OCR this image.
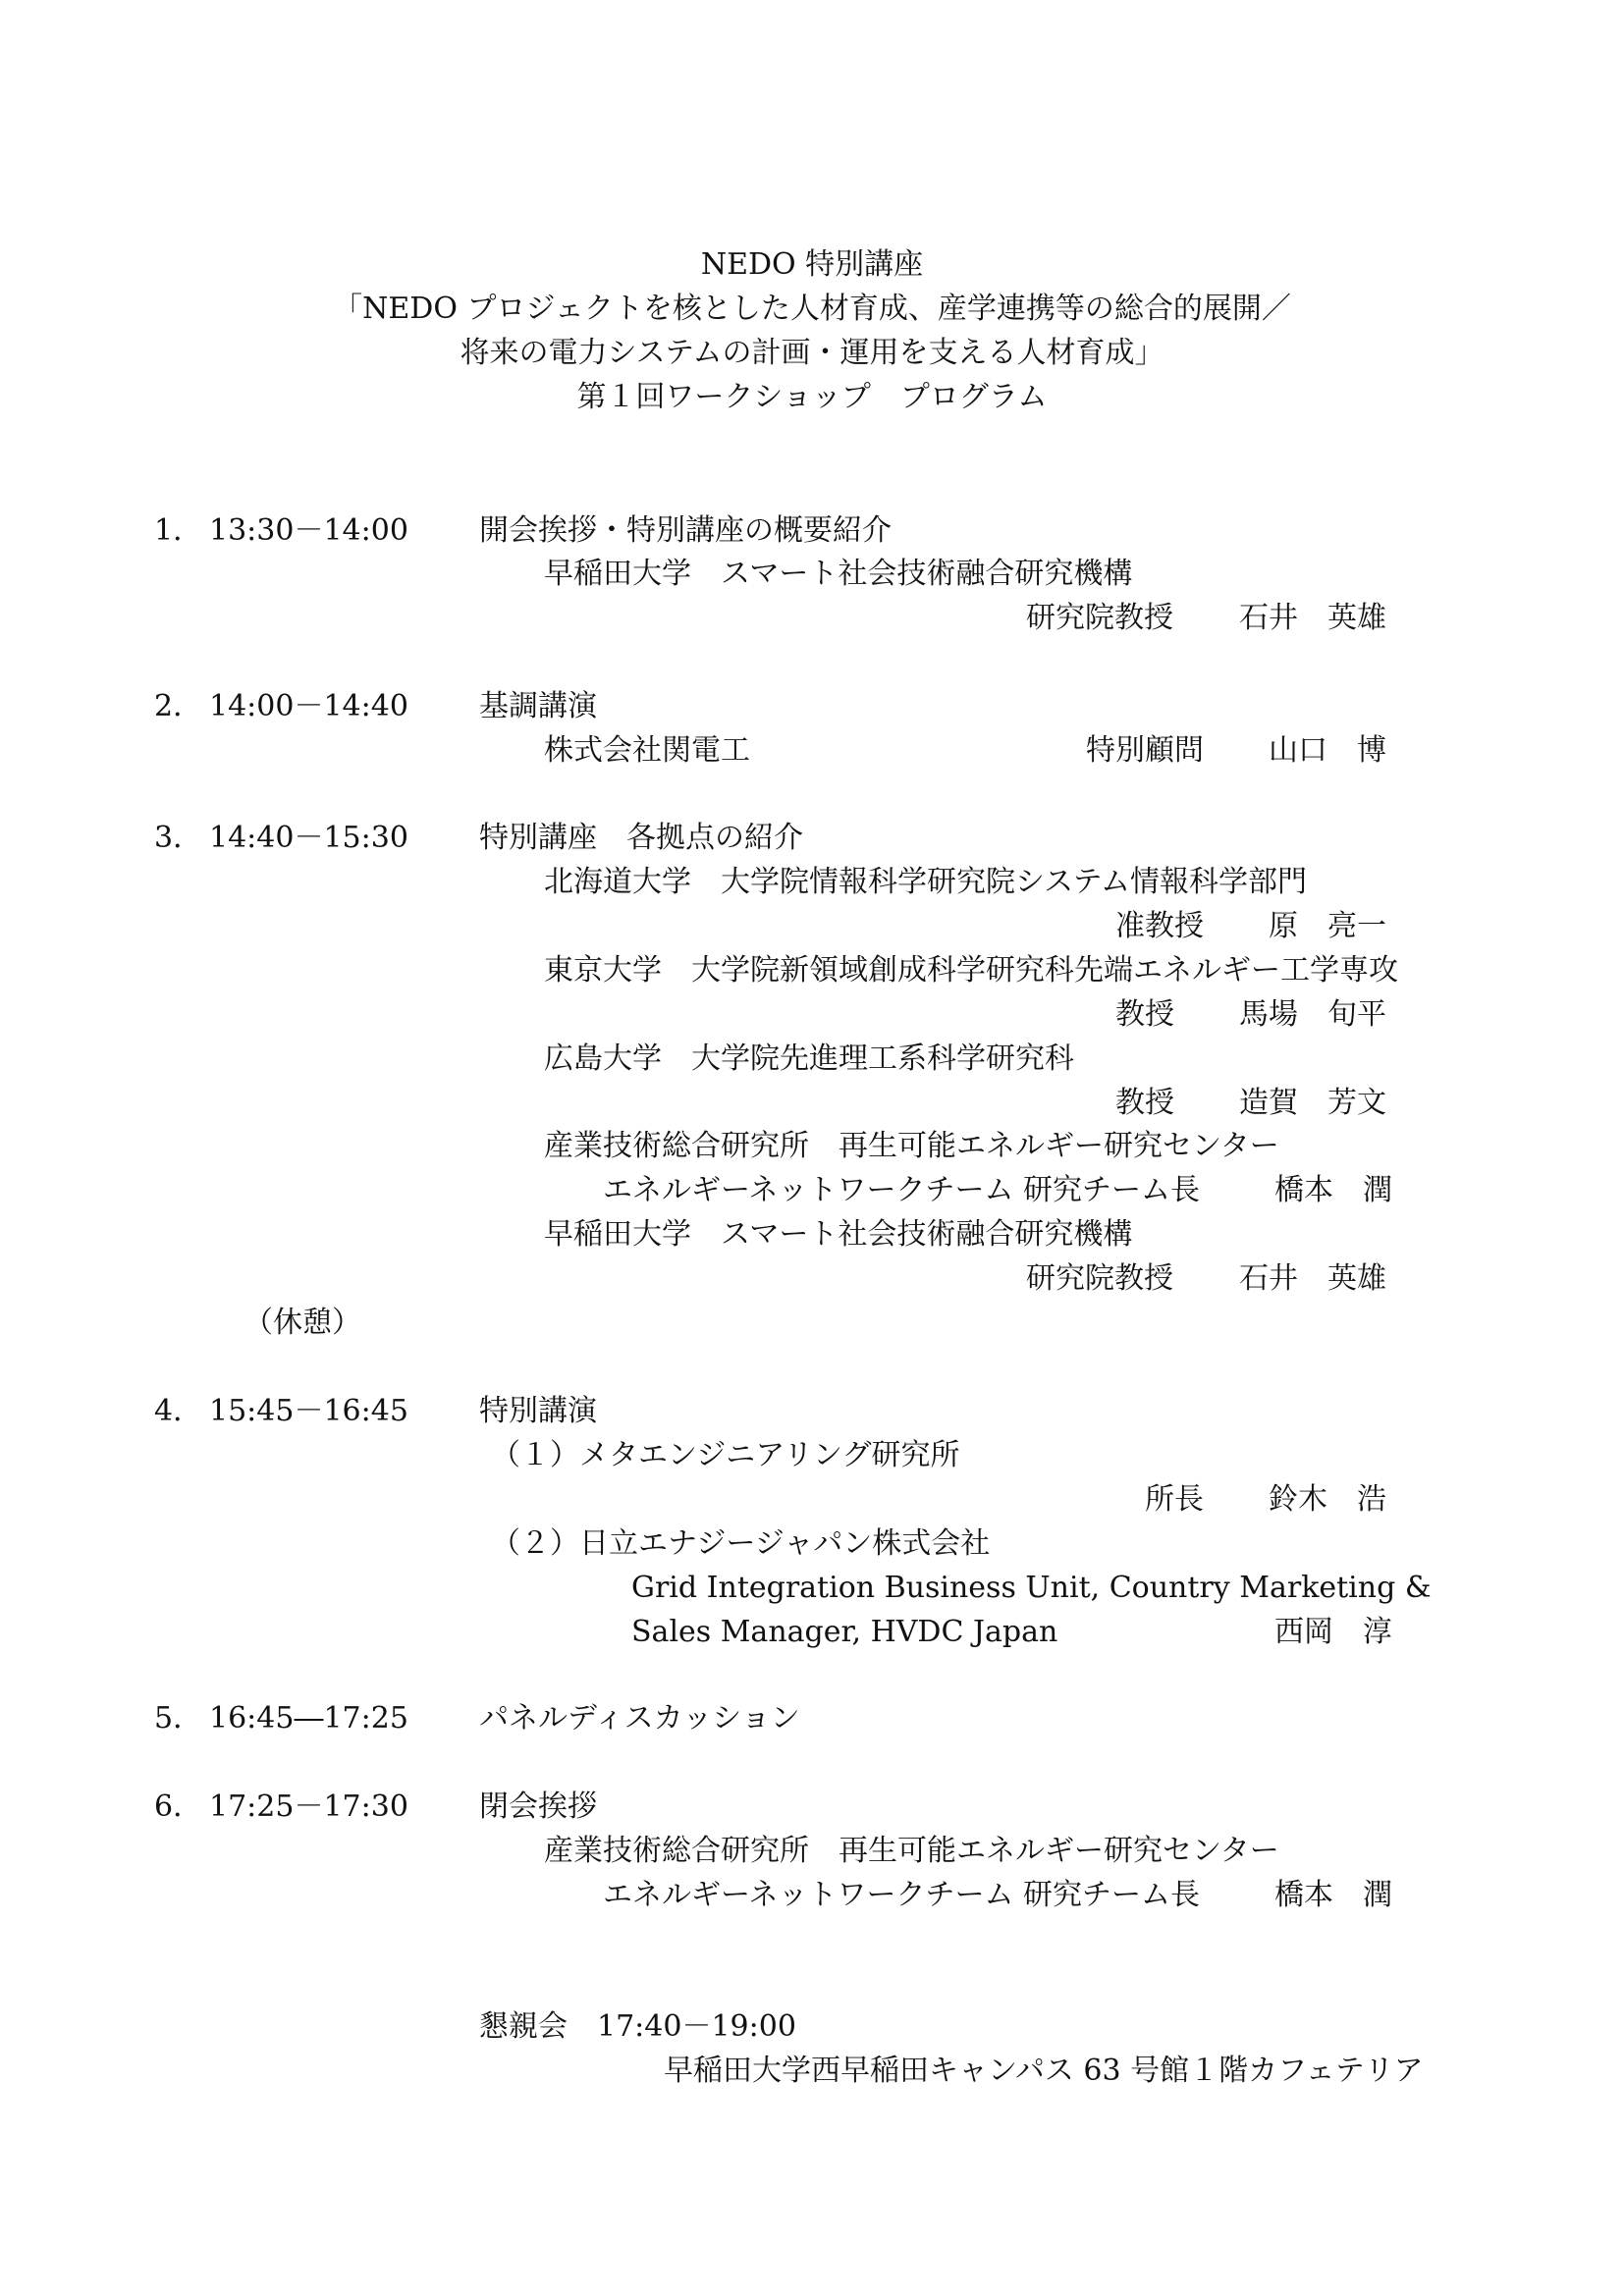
NEDO 特別講座
「NEDO プロジェクトを核とした人材育成、産学連携等の総合的展開／
将来の電力システムの計画・運用を支える人材育成」
第１回ワークショップ　プログラム
1． 13:30－14:00 開会挨拶・特別講座の概要紹介
早稲田大学　スマート社会技術融合研究機構
研究院教授 石井　英雄
2． 14:00－14:40 基調講演
株式会社関電工	特別顧問 山口　博
3． 14:40－15:30 特別講座　各拠点の紹介
北海道大学　大学院情報科学研究院システム情報科学部門
准教授 原　亮一
東京大学　大学院新領域創成科学研究科先端エネルギー工学専攻
教授 馬場　旬平
広島大学　大学院先進理工系科学研究科
教授 造賀　芳文
産業技術総合研究所　再生可能エネルギー研究センター
エネルギーネットワークチーム 研究チーム長	橋本　潤
早稲田大学　スマート社会技術融合研究機構
研究院教授 石井　英雄
（休憩）
4． 15:45－16:45 特別講演
（１）メタエンジニアリング研究所
所長 鈴木　浩
（２）日立エナジージャパン株式会社
Grid Integration Business Unit, Country Marketing &
Sales Manager, HVDC Japan	西岡　淳
5． 16:45―17:25 パネルディスカッション
6． 17:25－17:30 閉会挨拶
産業技術総合研究所　再生可能エネルギー研究センター
エネルギーネットワークチーム 研究チーム長	橋本　潤
懇親会　17:40－19:00
早稲田大学西早稲田キャンパス 63 号館１階カフェテリア
